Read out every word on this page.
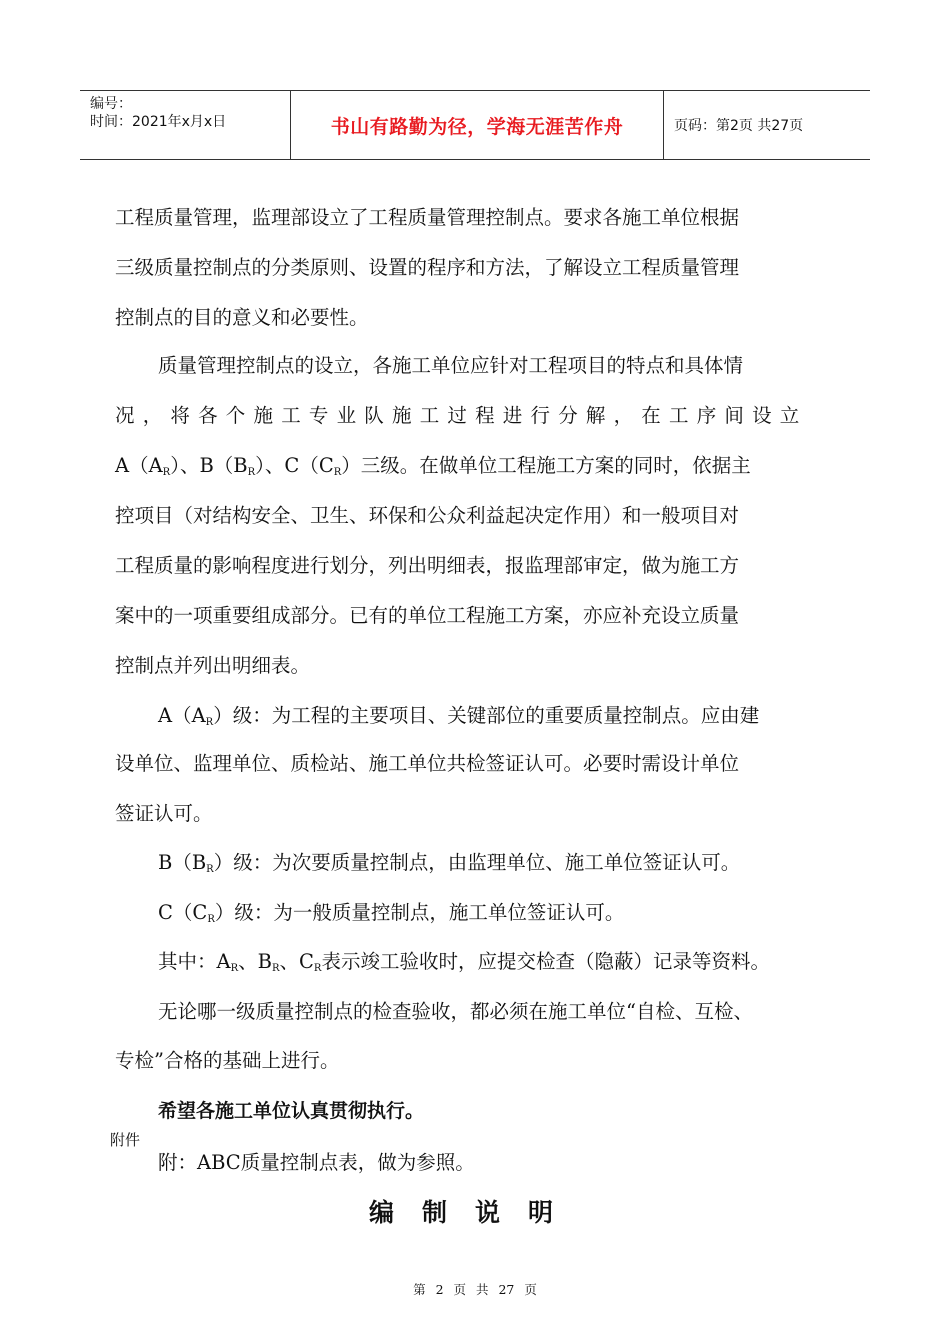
编号：
时间：2021年x月x日	书山有路勤为径，学海无涯苦作舟	页码：第2页 共27页
工程质量管理，监理部设立了工程质量管理控制点。要求各施工单位根据
三级质量控制点的分类原则、设置的程序和方法，了解设立工程质量管理
控制点的目的意义和必要性。
质量管理控制点的设立，各施工单位应针对工程项目的特点和具体情
况，将各个施工专业队施工过程进行分解，在工序间设立
$A(A_R)$、$B(B_R)$、$C(C_R)$三级。在做单位工程施工方案的同时，依据主
控项目（对结构安全、卫生、环保和公众利益起决定作用）和一般项目对
工程质量的影响程度进行划分，列出明细表，报监理部审定，做为施工方
案中的一项重要组成部分。已有的单位工程施工方案，亦应补充设立质量
控制点并列出明细表。
$A(A_R)$级：为工程的主要项目、关键部位的重要质量控制点。应由建
设单位、监理单位、质检站、施工单位共检签证认可。必要时需设计单位
签证认可。
$B(B_R)$级：为次要质量控制点，由监理单位、施工单位签证认可。
$C(C_R)$级：为一般质量控制点，施工单位签证认可。
其中：$A_R$、$B_R$、$C_R$表示竣工验收时，应提交检查（隐蔽）记录等资料。
无论哪一级质量控制点的检查验收，都必须在施工单位“自检、互检、
专检”合格的基础上进行。
希望各施工单位认真贯彻执行。
附件
附：ABC质量控制点表，做为参照。
编制说明
第 2 页 共 27 页
